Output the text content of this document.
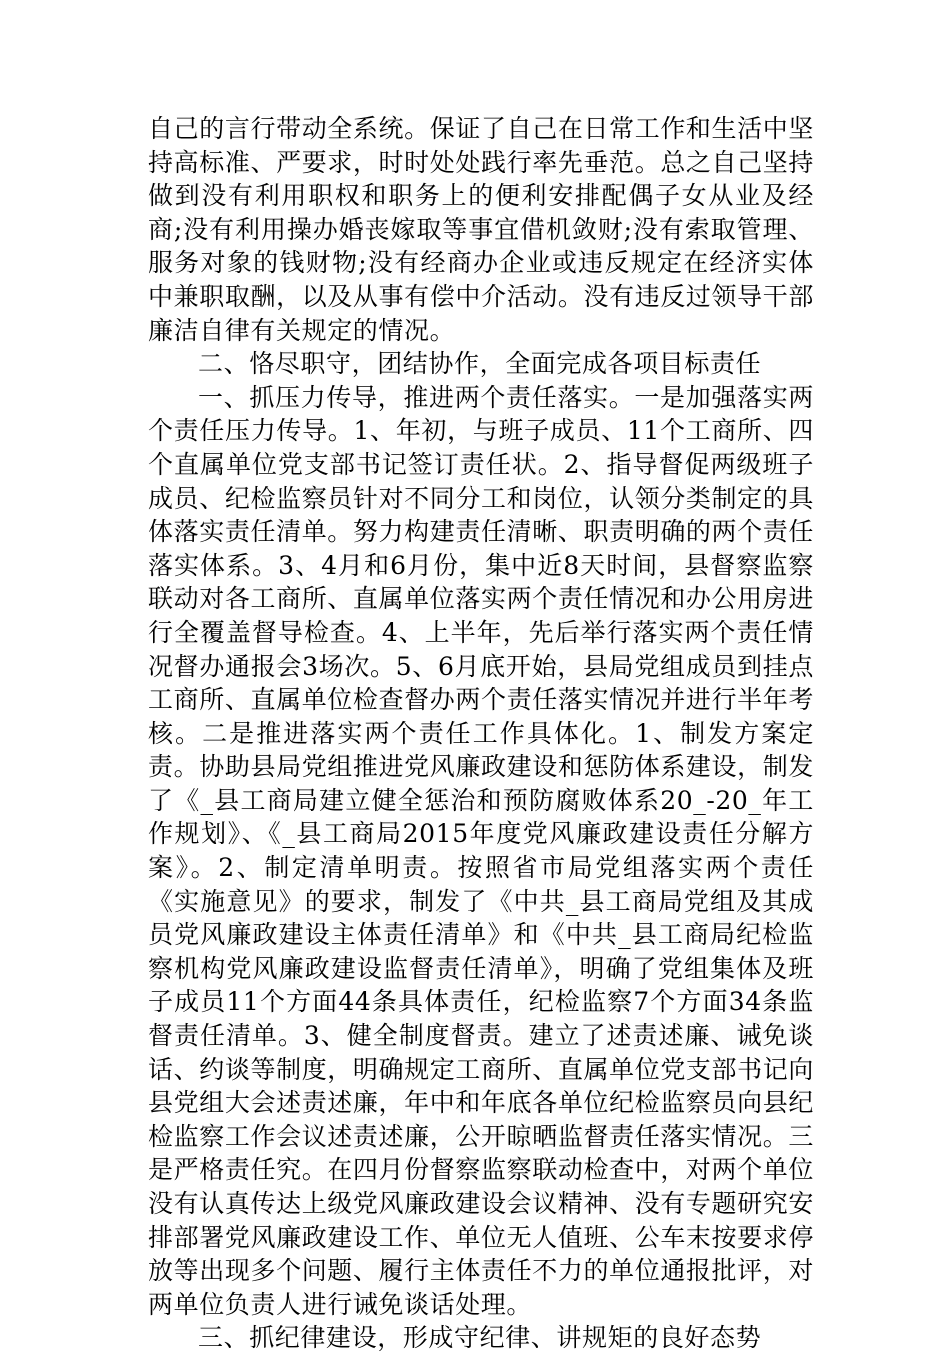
自己的言行带动全系统。保证了自己在日常工作和生活中坚持高标准、严要求，时时处处践行率先垂范。总之自己坚持做到没有利用职权和职务上的便利安排配偶子女从业及经商;没有利用操办婚丧嫁取等事宜借机敛财;没有索取管理、服务对象的钱财物;没有经商办企业或违反规定在经济实体中兼职取酬，以及从事有偿中介活动。没有违反过领导干部廉洁自律有关规定的情况。

二、恪尽职守，团结协作，全面完成各项目标责任

一、抓压力传导，推进两个责任落实。一是加强落实两个责任压力传导。1、年初，与班子成员、11个工商所、四个直属单位党支部书记签订责任状。2、指导督促两级班子成员、纪检监察员针对不同分工和岗位，认领分类制定的具体落实责任清单。努力构建责任清晰、职责明确的两个责任落实体系。3、4月和6月份，集中近8天时间，县督察监察联动对各工商所、直属单位落实两个责任情况和办公用房进行全覆盖督导检查。4、上半年，先后举行落实两个责任情况督办通报会3场次。5、6月底开始，县局党组成员到挂点工商所、直属单位检查督办两个责任落实情况并进行半年考核。二是推进落实两个责任工作具体化。1、制发方案定责。协助县局党组推进党风廉政建设和惩防体系建设，制发了《_县工商局建立健全惩治和预防腐败体系20_-20_年工作规划》、《_县工商局2015年度党风廉政建设责任分解方案》。2、制定清单明责。按照省市局党组落实两个责任《实施意见》的要求，制发了《中共_县工商局党组及其成员党风廉政建设主体责任清单》和《中共_县工商局纪检监察机构党风廉政建设监督责任清单》，明确了党组集体及班子成员11个方面44条具体责任，纪检监察7个方面34条监督责任清单。3、健全制度督责。建立了述责述廉、诫免谈话、约谈等制度，明确规定工商所、直属单位党支部书记向县党组大会述责述廉，年中和年底各单位纪检监察员向县纪检监察工作会议述责述廉，公开晾晒监督责任落实情况。三是严格责任究。在四月份督察监察联动检查中，对两个单位没有认真传达上级党风廉政建设会议精神、没有专题研究安排部署党风廉政建设工作、单位无人值班、公车末按要求停放等出现多个问题、履行主体责任不力的单位通报批评，对两单位负责人进行诫免谈话处理。

三、抓纪律建设，形成守纪律、讲规矩的良好态势
